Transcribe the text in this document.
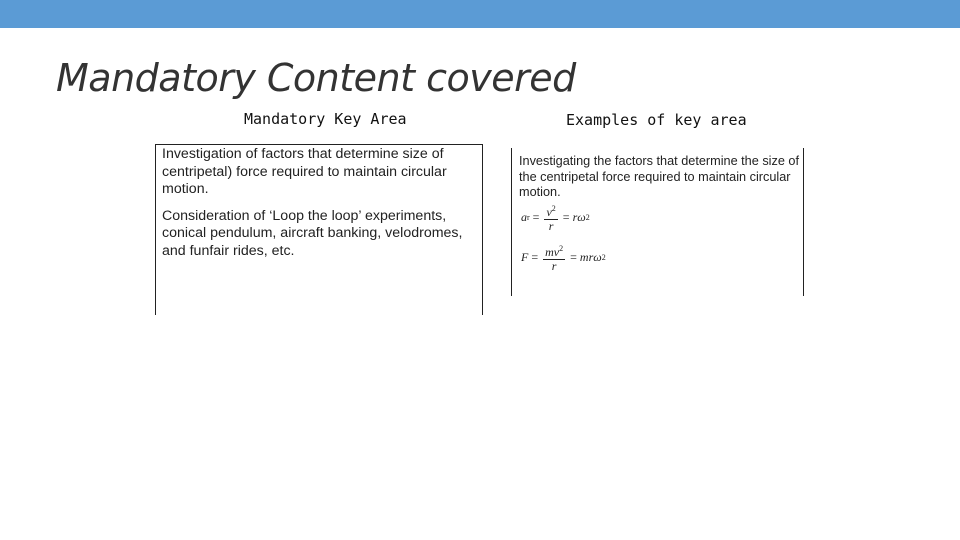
Mandatory Content covered
Mandatory Key Area	Examples of key area

Investigation of factors that determine size of centripetal) force required to maintain circular motion.

Consideration of ‘Loop the loop’ experiments, conical pendulum, aircraft banking, velodromes, and funfair rides, etc.

Investigating the factors that determine the size of the centripetal force required to maintain circular motion.

a $r = \frac{v^2}{r} = r\omega$ 2
$F = \frac{mv^2}{r} = mr\omega$ 2
